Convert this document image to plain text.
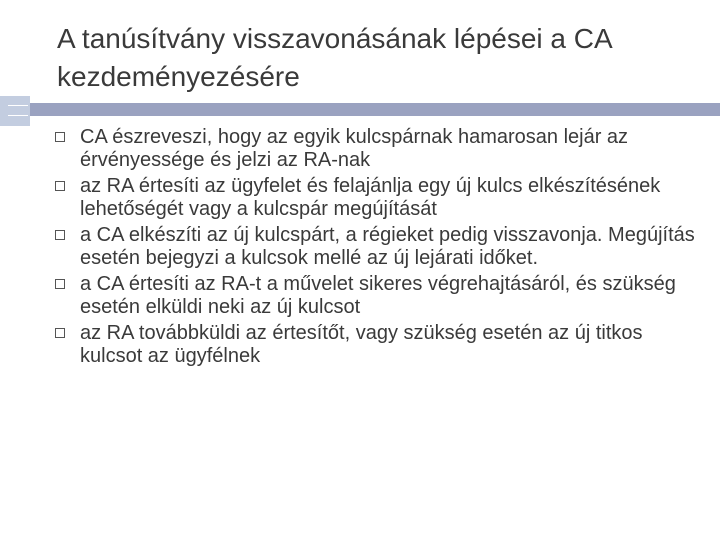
A tanúsítvány visszavonásának lépései a CA kezdeményezésére
CA észreveszi, hogy az egyik kulcspárnak hamarosan lejár az érvényessége és jelzi az RA-nak
az RA értesíti az ügyfelet és felajánlja egy új kulcs elkészítésének lehetőségét vagy a kulcspár megújítását
a CA elkészíti az új kulcspárt, a régieket pedig visszavonja. Megújítás esetén bejegyzi a kulcsok mellé az új lejárati időket.
a CA értesíti az RA-t a művelet sikeres végrehajtásáról, és szükség esetén elküldi neki az új kulcsot
az RA továbbküldi az értesítőt, vagy szükség esetén az új titkos kulcsot az ügyfélnek
